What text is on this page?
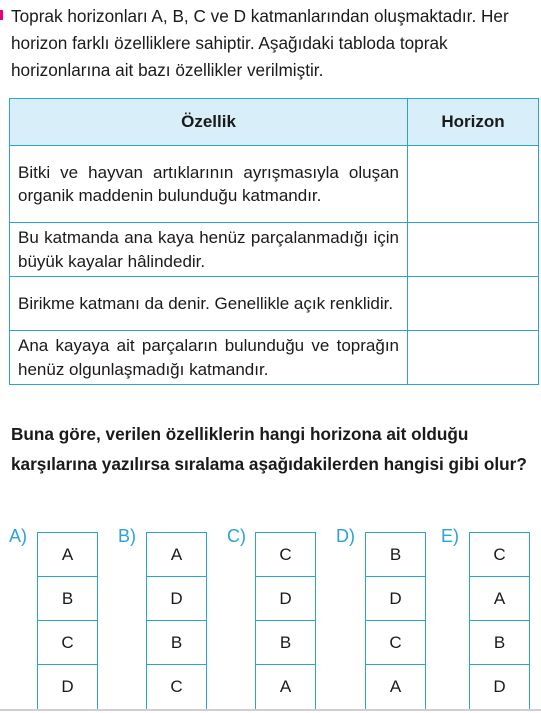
Toprak horizonları A, B, C ve D katmanlarından oluşmaktadır. Her horizon farklı özelliklere sahiptir. Aşağıdaki tabloda toprak horizonlarına ait bazı özellikler verilmiştir.

Özellik	Horizon
Bitki ve hayvan artıklarının ayrışmasıyla oluşan organik maddenin bulunduğu katmandır.	
Bu katmanda ana kaya henüz parçalanmadığı için büyük kayalar hâlindedir.	
Birikme katmanı da denir. Genellikle açık renklidir.	
Ana kayaya ait parçaların bulunduğu ve toprağın henüz olgunlaşmadığı katmandır.	

Buna göre, verilen özelliklerin hangi horizona ait olduğu karşılarına yazılırsa sıralama aşağıdakilerden hangisi gibi olur?

A)
A
B
C
D
B)
A
D
B
C
C)
C
D
B
A
D)
B
D
C
A
E)
C
A
B
D
